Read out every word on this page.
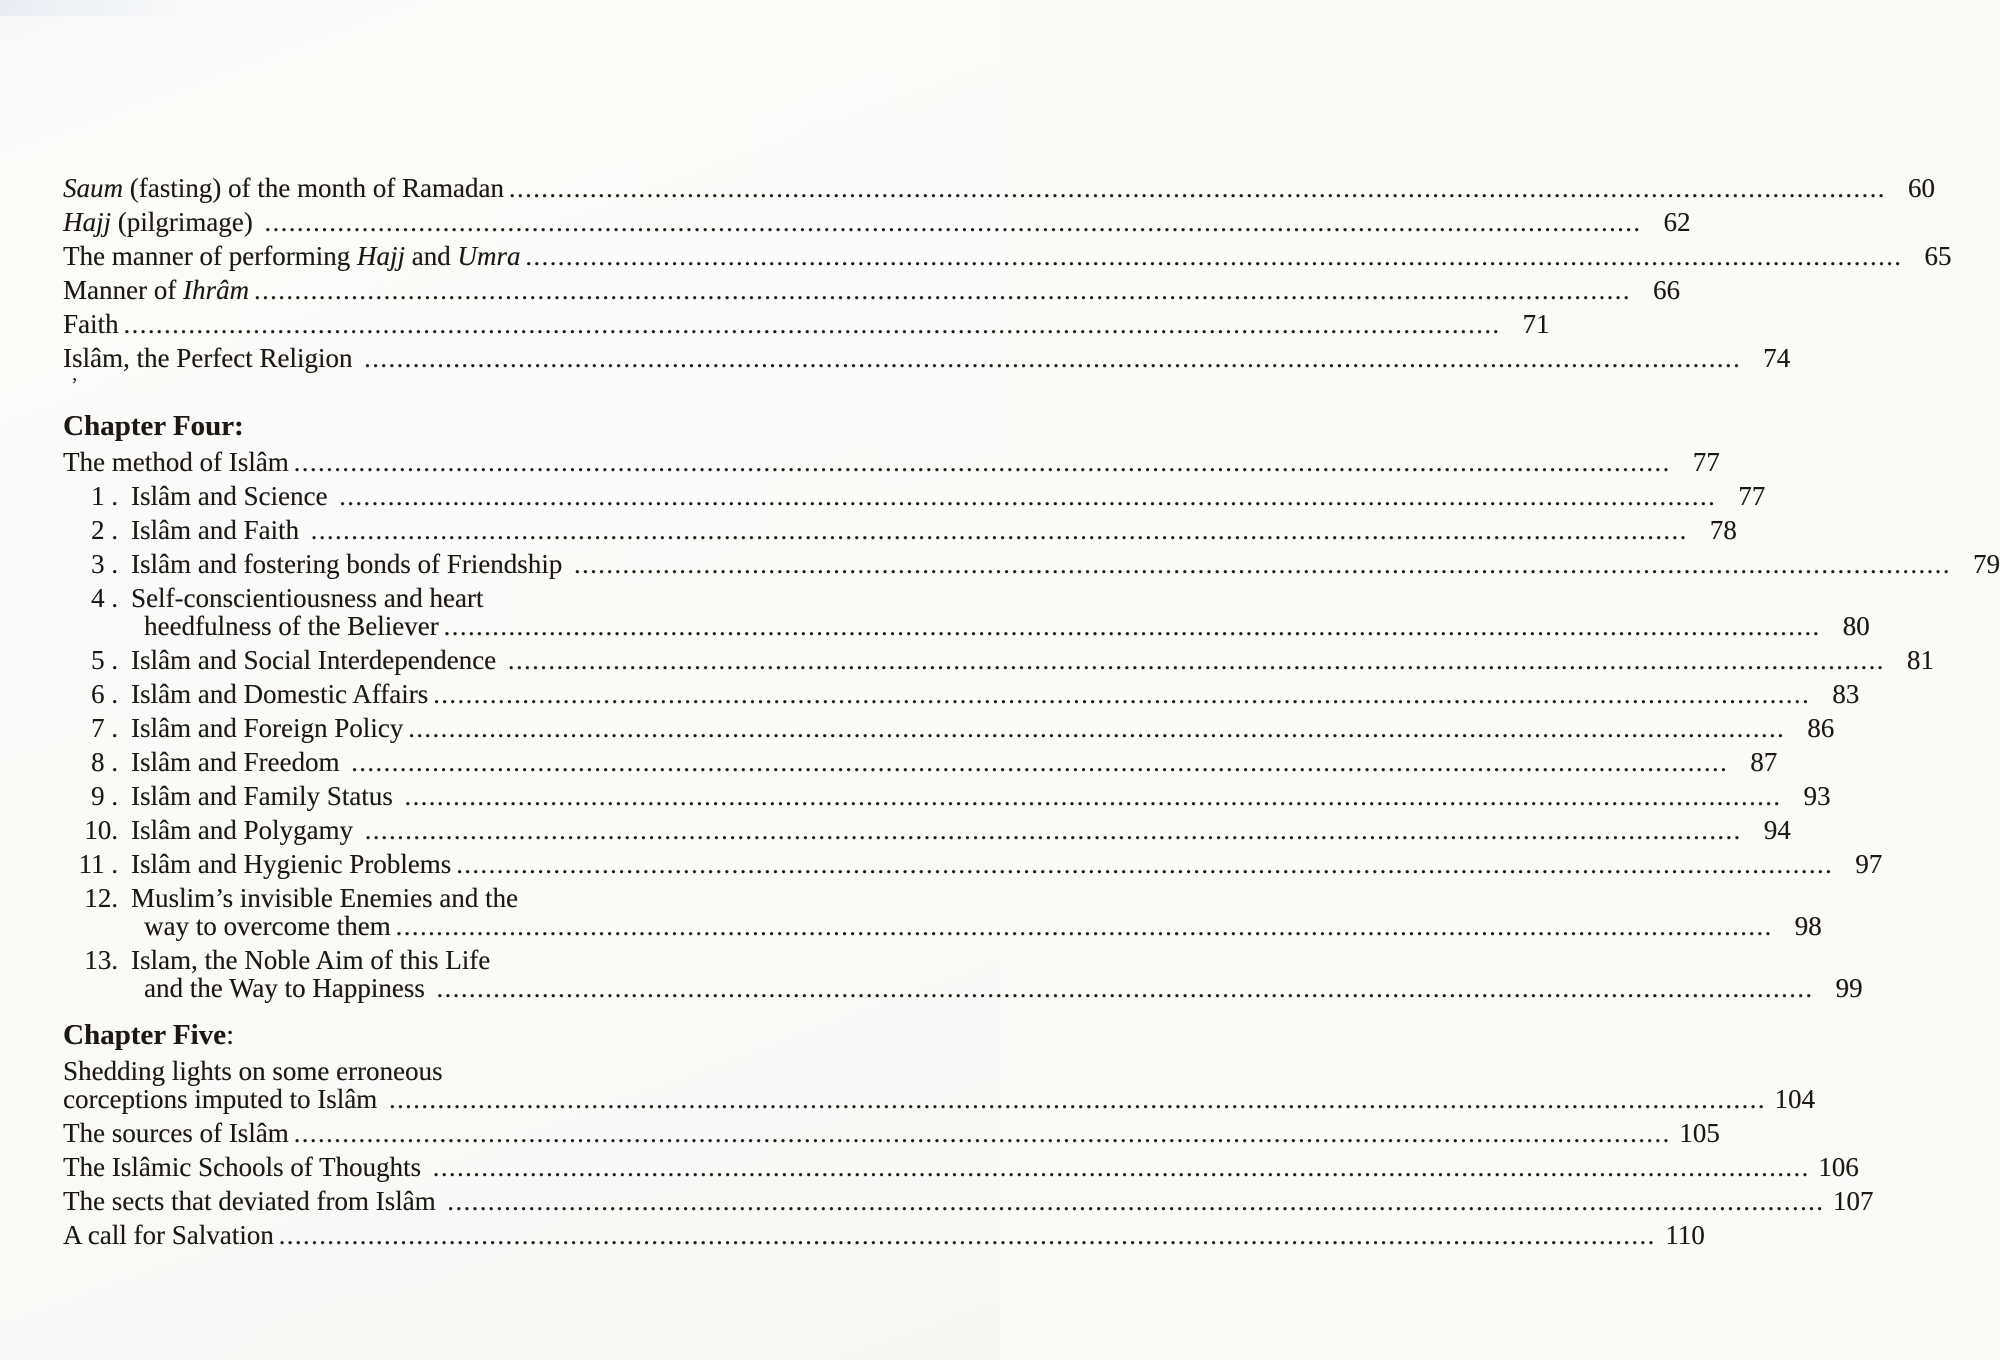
Saum (fasting) of the month of Ramadan .......................................................................................................................................................................... 60
Hajj (pilgrimage) .......................................................................................................................................................................... 62
The manner of performing Hajj and Umra .......................................................................................................................................................................... 65
Manner of Ihrâm .......................................................................................................................................................................... 66
Faith .......................................................................................................................................................................... 71
Islâm, the Perfect Religion .......................................................................................................................................................................... 74
’
Chapter Four:
The method of Islâm .......................................................................................................................................................................... 77
1 . Islâm and Science .......................................................................................................................................................................... 77
2 . Islâm and Faith .......................................................................................................................................................................... 78
3 . Islâm and fostering bonds of Friendship .......................................................................................................................................................................... 79
4 . Self-conscientiousness and heart
heedfulness of the Believer .......................................................................................................................................................................... 80
5 . Islâm and Social Interdependence .......................................................................................................................................................................... 81
6 . Islâm and Domestic Affairs .......................................................................................................................................................................... 83
7 . Islâm and Foreign Policy .......................................................................................................................................................................... 86
8 . Islâm and Freedom .......................................................................................................................................................................... 87
9 . Islâm and Family Status .......................................................................................................................................................................... 93
10. Islâm and Polygamy .......................................................................................................................................................................... 94
11 . Islâm and Hygienic Problems .......................................................................................................................................................................... 97
12. Muslim’s invisible Enemies and the
way to overcome them .......................................................................................................................................................................... 98
13. Islam, the Noble Aim of this Life
and the Way to Happiness .......................................................................................................................................................................... 99
Chapter Five:
Shedding lights on some erroneous
corceptions imputed to Islâm .......................................................................................................................................................................... 104
The sources of Islâm .......................................................................................................................................................................... 105
The Islâmic Schools of Thoughts .......................................................................................................................................................................... 106
The sects that deviated from Islâm .......................................................................................................................................................................... 107
A call for Salvation .......................................................................................................................................................................... 110
